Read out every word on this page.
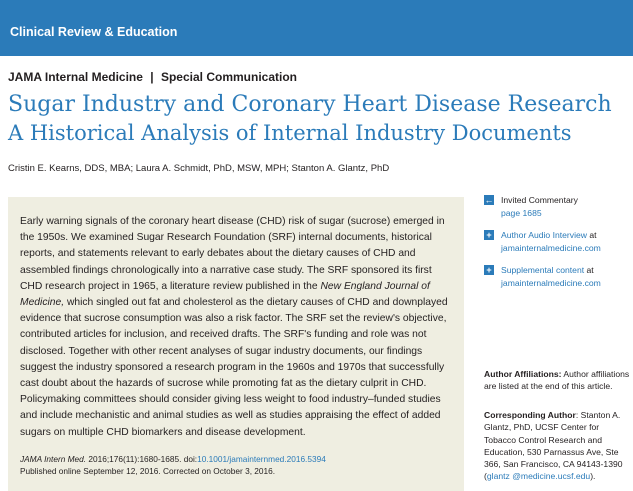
Clinical Review & Education
JAMA Internal Medicine | Special Communication
Sugar Industry and Coronary Heart Disease Research
A Historical Analysis of Internal Industry Documents
Cristin E. Kearns, DDS, MBA; Laura A. Schmidt, PhD, MSW, MPH; Stanton A. Glantz, PhD
Early warning signals of the coronary heart disease (CHD) risk of sugar (sucrose) emerged in the 1950s. We examined Sugar Research Foundation (SRF) internal documents, historical reports, and statements relevant to early debates about the dietary causes of CHD and assembled findings chronologically into a narrative case study. The SRF sponsored its first CHD research project in 1965, a literature review published in the New England Journal of Medicine, which singled out fat and cholesterol as the dietary causes of CHD and downplayed evidence that sucrose consumption was also a risk factor. The SRF set the review's objective, contributed articles for inclusion, and received drafts. The SRF's funding and role was not disclosed. Together with other recent analyses of sugar industry documents, our findings suggest the industry sponsored a research program in the 1960s and 1970s that successfully cast doubt about the hazards of sucrose while promoting fat as the dietary culprit in CHD. Policymaking committees should consider giving less weight to food industry–funded studies and include mechanistic and animal studies as well as studies appraising the effect of added sugars on multiple CHD biomarkers and disease development.
JAMA Intern Med. 2016;176(11):1680-1685. doi:10.1001/jamainternmed.2016.5394
Published online September 12, 2016. Corrected on October 3, 2016.
← Invited Commentary
page 1685
+ Author Audio Interview at
jamainternalmedicine.com
+ Supplemental content at
jamainternalmedicine.com
Author Affiliations: Author affiliations are listed at the end of this article.
Corresponding Author: Stanton A. Glantz, PhD, UCSF Center for Tobacco Control Research and Education, 530 Parnassus Ave, Ste 366, San Francisco, CA 94143-1390 (glantz @medicine.ucsf.edu).
